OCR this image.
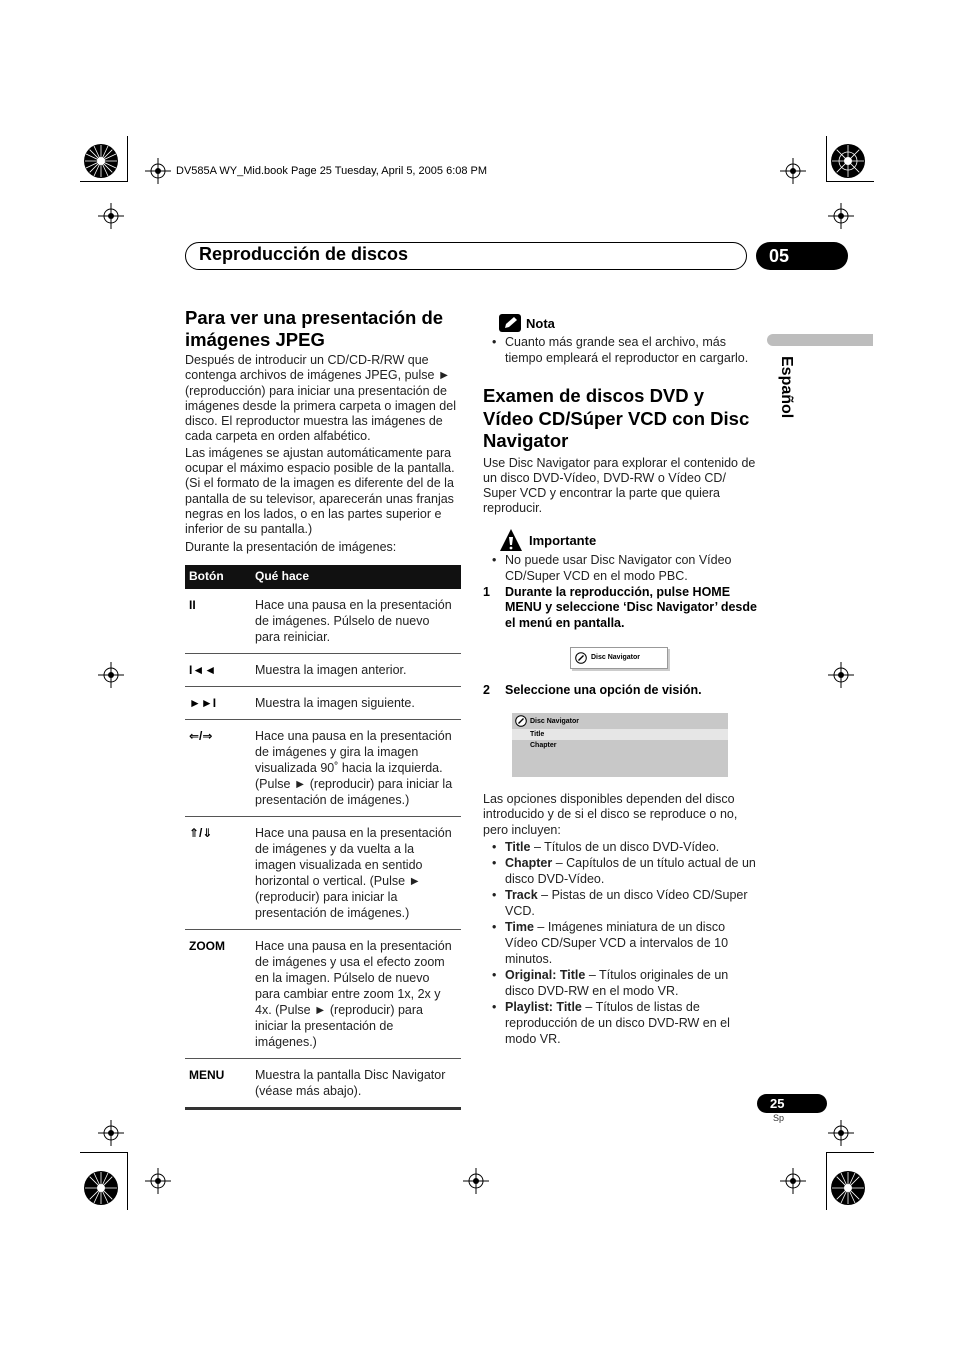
DV585A WY_Mid.book Page 25 Tuesday, April 5, 2005 6:08 PM
Reproducción de discos	05
Español
Para ver una presentación de imágenes JPEG

Después de introducir un CD/CD-R/RW que contenga archivos de imágenes JPEG, pulse ► (reproducción) para iniciar una presentación de imágenes desde la primera carpeta o imagen del disco. El reproductor muestra las imágenes de cada carpeta en orden alfabético.

Las imágenes se ajustan automáticamente para ocupar el máximo espacio posible de la pantalla. (Si el formato de la imagen es diferente del de la pantalla de su televisor, aparecerán unas franjas negras en los lados, o en las partes superior e inferior de su pantalla.)

Durante la presentación de imágenes:

Botón	Qué hace
II	Hace una pausa en la presentación de imágenes. Púlselo de nuevo para reiniciar.
I◄◄	Muestra la imagen anterior.
►►I	Muestra la imagen siguiente.
⇐/⇒	Hace una pausa en la presentación de imágenes y gira la imagen visualizada 90˚ hacia la izquierda. (Pulse ► (reproducir) para iniciar la presentación de imágenes.)
⇑/⇓	Hace una pausa en la presentación de imágenes y da vuelta a la imagen visualizada en sentido horizontal o vertical. (Pulse ► (reproducir) para iniciar la presentación de imágenes.)
ZOOM	Hace una pausa en la presentación de imágenes y usa el efecto zoom en la imagen. Púlselo de nuevo para cambiar entre zoom 1x, 2x y 4x. (Pulse ► (reproducir) para iniciar la presentación de imágenes.)
MENU	Muestra la pantalla Disc Navigator (véase más abajo).
Nota
• Cuanto más grande sea el archivo, más tiempo empleará el reproductor en cargarlo.
Examen de discos DVD y Vídeo CD/Súper VCD con Disc Navigator

Use Disc Navigator para explorar el contenido de un disco DVD-Vídeo, DVD-RW o Vídeo CD/ Super VCD y encontrar la parte que quiera reproducir.

Importante
• No puede usar Disc Navigator con Vídeo CD/Super VCD en el modo PBC.
1	Durante la reproducción, pulse HOME MENU y seleccione ‘Disc Navigator’ desde el menú en pantalla.
Disc Navigator
2	Seleccione una opción de visión.
Disc Navigator
Title
Chapter

Las opciones disponibles dependen del disco introducido y de si el disco se reproduce o no, pero incluyen:

• Title – Títulos de un disco DVD-Vídeo.
• Chapter – Capítulos de un título actual de un disco DVD-Vídeo.
• Track – Pistas de un disco Vídeo CD/Super VCD.
• Time – Imágenes miniatura de un disco Vídeo CD/Super VCD a intervalos de 10 minutos.
• Original: Title – Títulos originales de un disco DVD-RW en el modo VR.
• Playlist: Title – Títulos de listas de reproducción de un disco DVD-RW en el modo VR.
25
Sp
